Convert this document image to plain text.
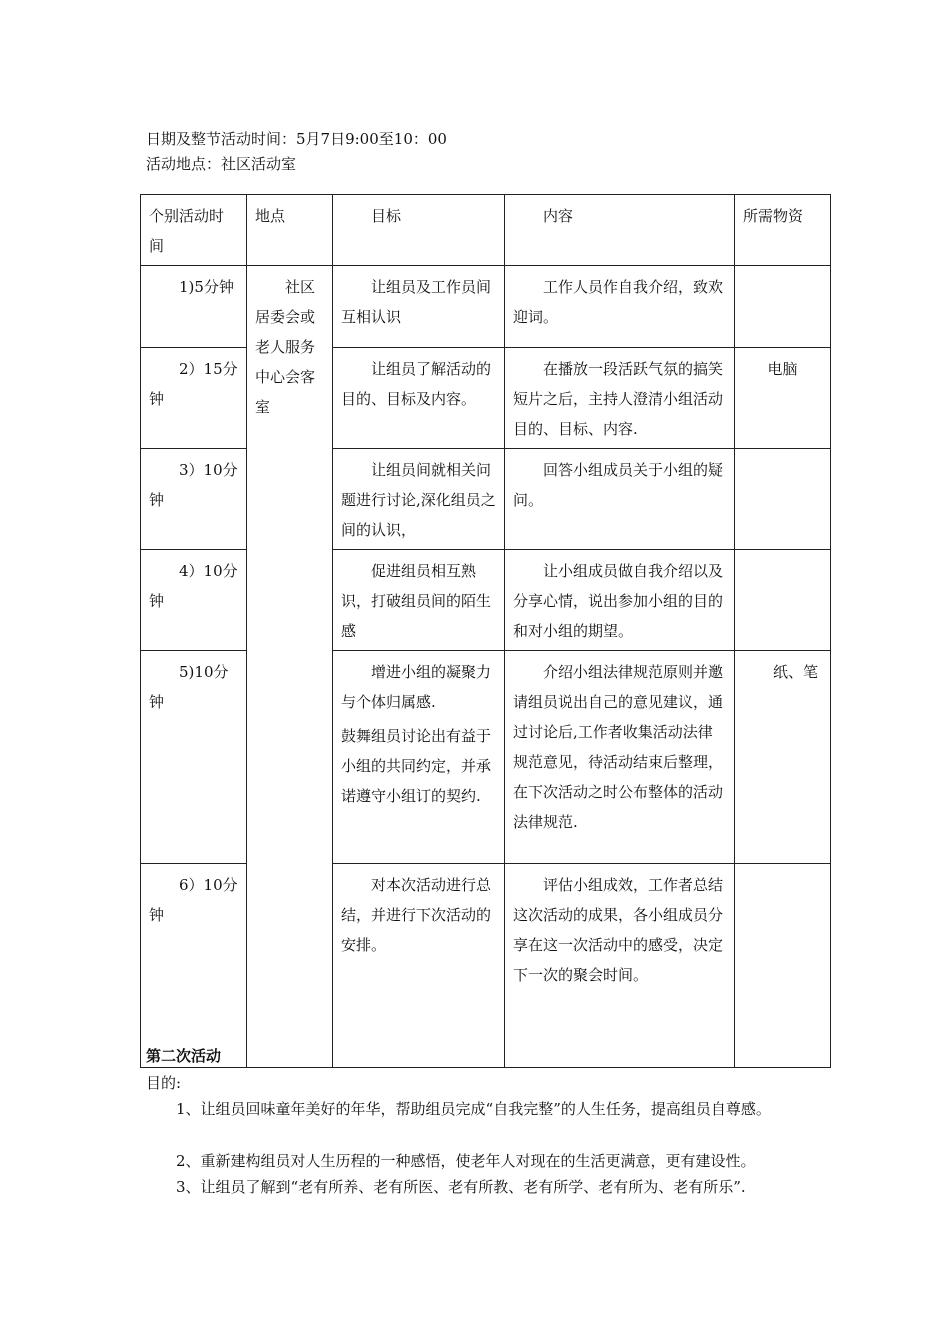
日期及整节活动时间：5月7日9:00至10：00
活动地点：社区活动室
个别活动时间	地点	目标	内容	所需物资
1)5分钟	社区居委会或老人服务中心会客室	让组员及工作员间互相认识	工作人员作自我介绍，致欢迎词。	
2）15分钟		让组员了解活动的目的、目标及内容。	在播放一段活跃气氛的搞笑短片之后，主持人澄清小组活动目的、目标、内容.	电脑
3）10分钟		让组员间就相关问题进行讨论,深化组员之间的认识，	回答小组成员关于小组的疑问。	
4）10分钟		促进组员相互熟识，打破组员间的陌生感	让小组成员做自我介绍以及分享心情，说出参加小组的目的和对小组的期望。	
5)10分钟		增进小组的凝聚力与个体归属感.
鼓舞组员讨论出有益于小组的共同约定，并承诺遵守小组订的契约.	介绍小组法律规范原则并邀请组员说出自己的意见建议，通过讨论后,工作者收集活动法律规范意见，待活动结束后整理，在下次活动之时公布整体的活动法律规范.	纸、笔
6）10分钟		对本次活动进行总结，并进行下次活动的安排。	评估小组成效，工作者总结这次活动的成果，各小组成员分享在这一次活动中的感受，决定下一次的聚会时间。	
第二次活动
目的:
1、让组员回味童年美好的年华，帮助组员完成“自我完整”的人生任务，提高组员自尊感。
2、重新建构组员对人生历程的一种感悟，使老年人对现在的生活更满意，更有建设性。
3、让组员了解到“老有所养、老有所医、老有所教、老有所学、老有所为、老有所乐”.
